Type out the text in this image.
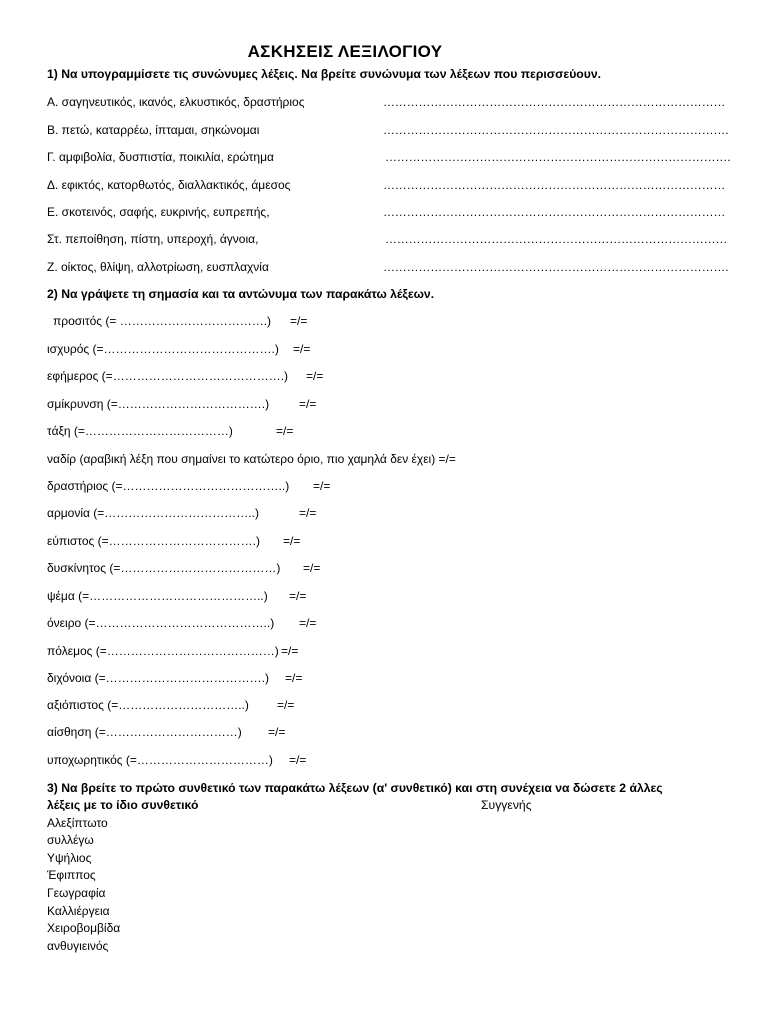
ΑΣΚΗΣΕΙΣ ΛΕΞΙΛΟΓΙΟΥ
1) Να υπογραμμίσετε τις συνώνυμες λέξεις. Να βρείτε συνώνυμα των λέξεων που περισσεύουν.
Α. σαγηνευτικός, ικανός, ελκυστικός, δραστήριος	……………………………………………………………………………
Β. πετώ, καταρρέω, ίπταμαι, σηκώνομαι	…………………………………………………………………………….
Γ. αμφιβολία, δυσπιστία, ποικιλία, ερώτημα	…………………………………………………………………………….
Δ. εφικτός, κατορθωτός, διαλλακτικός, άμεσος	……………………………………………………………………………
Ε. σκοτεινός, σαφής, ευκρινής, ευπρεπής,	……………………………………………………………………………
Στ. πεποίθηση, πίστη, υπεροχή, άγνοια,	……………………………………………………………………………
Ζ. οίκτος, θλίψη, αλλοτρίωση, ευσπλαχνία	…………………………………………………………………………….
2) Να γράψετε τη σημασία και τα αντώνυμα των παρακάτω λέξεων.
προσιτός (= ……………………………….) =/=
ισχυρός (=…………………………………….) =/=
εφήμερος (=…………………………………….) =/=
σμίκρυνση (=……………………………….) =/=
τάξη (=………………………………)	=/=
ναδίρ (αραβική λέξη που σημαίνει το κατώτερο όριο, πιο χαμηλά δεν έχει) =/=
δραστήριος (=…………………………………..) =/=
αρμονία (=………………………………..)	=/=
εύπιστος (=……………………………….) =/=
δυσκίνητος (=…………………………………) =/=
ψέμα (=……………………………………..) =/=
όνειρο (=……………………………………..) =/=
πόλεμος (=……………………………………) =/=
διχόνοια (=………………………………….) =/=
αξιόπιστος (=…………………………..) =/=
αίσθηση (=……………………………) =/=
υποχωρητικός (=……………………………) =/=
3) Να βρείτε το πρώτο συνθετικό των παρακάτω λέξεων (α' συνθετικό) και στη συνέχεια να δώσετε 2 άλλες
λέξεις με το ίδιο συνθετικό	Συγγενής
Αλεξίπτωτο
συλλέγω
Υψήλιος
Έφιππος
Γεωγραφία
Καλλιέργεια
Χειροβομβίδα
ανθυγιεινός
